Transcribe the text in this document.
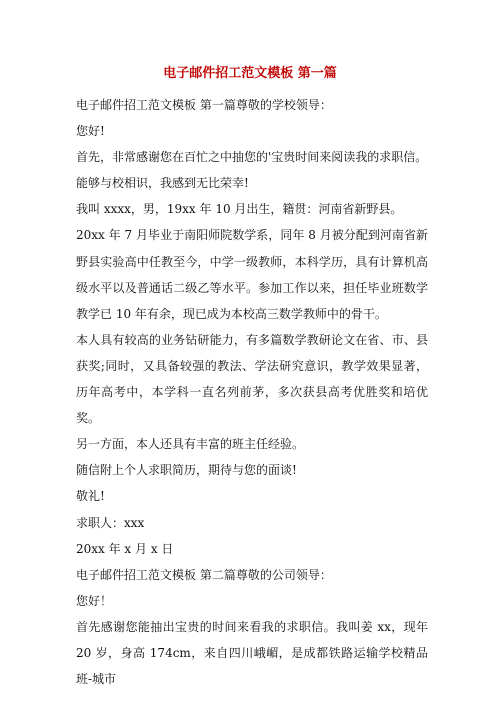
电子邮件招工范文模板 第一篇

电子邮件招工范文模板 第一篇尊敬的学校领导：

您好!

首先，非常感谢您在百忙之中抽您的'宝贵时间来阅读我的求职信。

能够与校相识，我感到无比荣幸!

我叫 xxxx，男，19xx 年 10 月出生，籍贯：河南省新野县。

20xx 年 7 月毕业于南阳师院数学系，同年 8 月被分配到河南省新野县实验高中任教至今，中学一级教师，本科学历，具有计算机高级水平以及普通话二级乙等水平。参加工作以来，担任毕业班数学教学已 10 年有余，现已成为本校高三数学教师中的骨干。

本人具有较高的业务钻研能力，有多篇数学教研论文在省、市、县获奖;同时，又具备较强的教法、学法研究意识，教学效果显著，历年高考中，本学科一直名列前茅，多次获县高考优胜奖和培优奖。

另一方面，本人还具有丰富的班主任经验。

随信附上个人求职简历，期待与您的面谈!

敬礼!

求职人：xxx

20xx 年 x 月 x 日

电子邮件招工范文模板 第二篇尊敬的公司领导：

您好！

首先感谢您能抽出宝贵的时间来看我的求职信。我叫姜 xx，现年 20 岁，身高 174cm，来自四川峨嵋，是成都铁路运输学校精品班-城市
